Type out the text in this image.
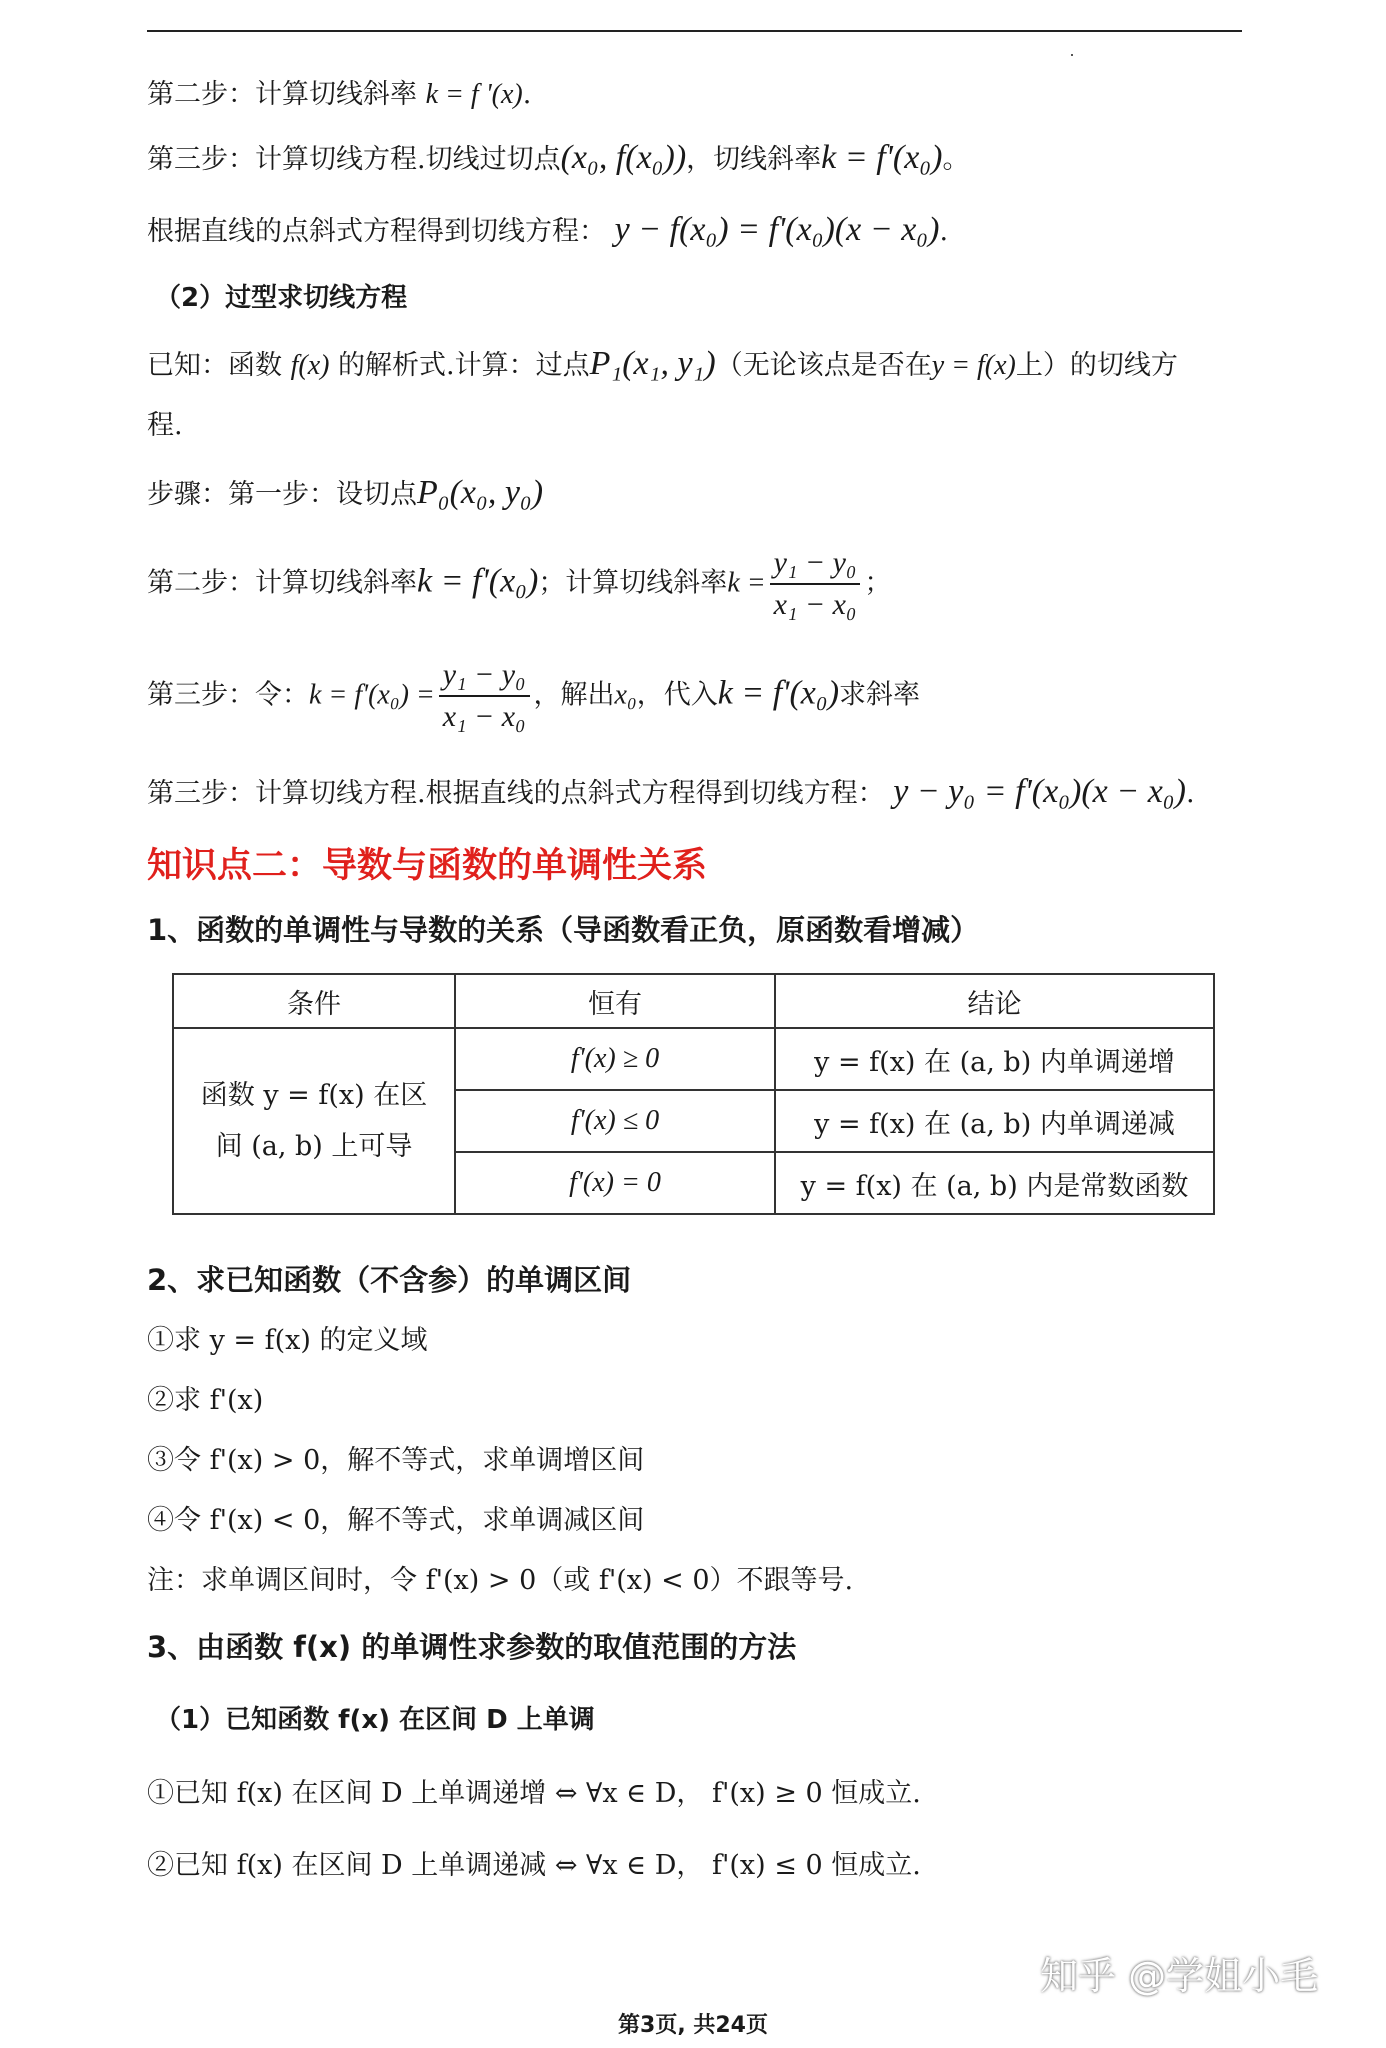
第二步：计算切线斜率 k = f '(x).
第三步：计算切线方程.切线过切点(x₀, f(x₀))，切线斜率k = f'(x₀)。
根据直线的点斜式方程得到切线方程： y − f(x₀) = f'(x₀)(x − x₀).
（2）过型求切线方程
已知：函数 f(x) 的解析式.计算：过点P₁(x₁, y₁)（无论该点是否在y = f(x)上）的切线方
程.
步骤：第一步：设切点P₀(x₀, y₀)
第二步：计算切线斜率k = f'(x₀)；计算切线斜率$k = \frac{\text{y₁ − y₀}}{\text{x₁ − x₀}}$ ；
第三步：令：$k = f'(x_0) = \frac{\text{y₁ − y₀}}{\text{x₁ − x₀}}$ ，解出x₀，代入k = f'(x₀)求斜率
第三步：计算切线方程.根据直线的点斜式方程得到切线方程： y − y₀ = f'(x₀)(x − x₀).
知识点二：导数与函数的单调性关系
1、函数的单调性与导数的关系（导函数看正负，原函数看增减）
条件	恒有	结论
函数 y = f(x) 在区
间 (a, b) 上可导	f'(x) ≥ 0	y = f(x) 在 (a, b) 内单调递增
	f'(x) ≤ 0	y = f(x) 在 (a, b) 内单调递减
	f'(x) = 0	y = f(x) 在 (a, b) 内是常数函数
2、求已知函数（不含参）的单调区间
①求 y = f(x) 的定义域
②求 f'(x)
③令 f'(x) > 0，解不等式，求单调增区间
④令 f'(x) < 0，解不等式，求单调减区间
注：求单调区间时，令 f'(x) > 0（或 f'(x) < 0）不跟等号.
3、由函数 f(x) 的单调性求参数的取值范围的方法
（1）已知函数 f(x) 在区间 D 上单调
①已知 f(x) 在区间 D 上单调递增 ⇔ ∀x ∈ D， f'(x) ≥ 0 恒成立.
②已知 f(x) 在区间 D 上单调递减 ⇔ ∀x ∈ D， f'(x) ≤ 0 恒成立.
知乎 @学姐小毛
第3页, 共24页
